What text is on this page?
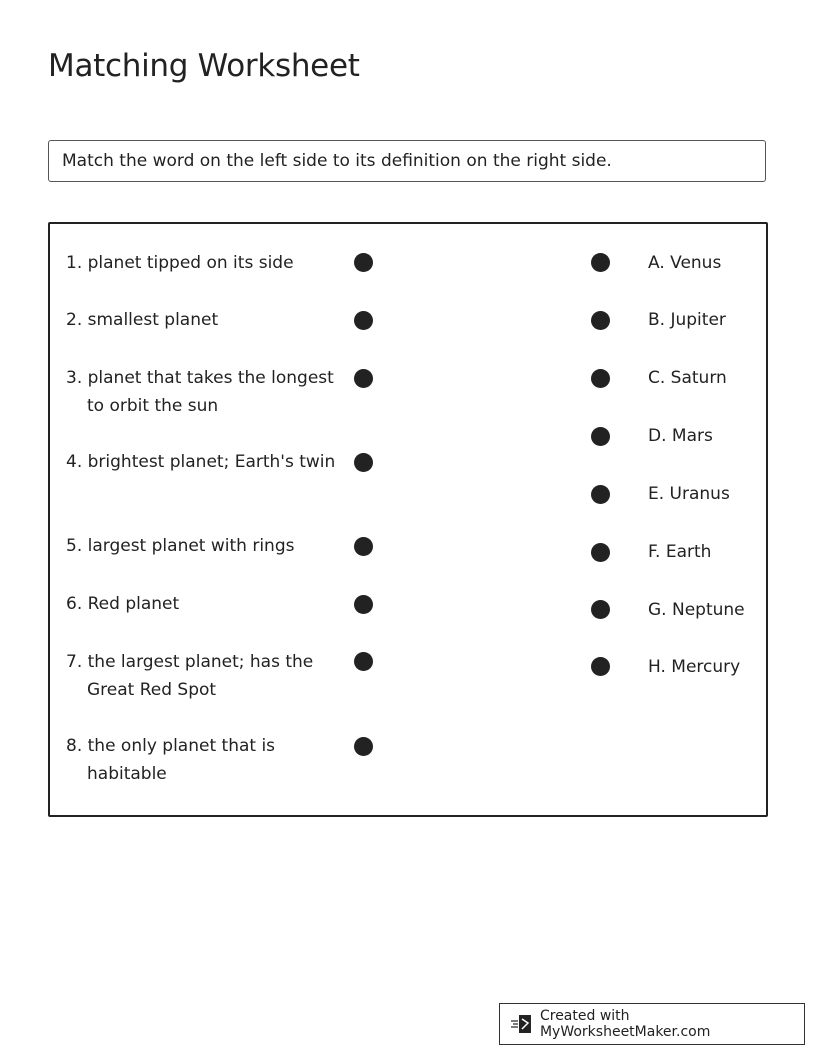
Matching Worksheet
Match the word on the left side to its definition on the right side.
1. planet tipped on its side
2. smallest planet
3. planet that takes the longest to orbit the sun
4. brightest planet; Earth's twin
5. largest planet with rings
6. Red planet
7. the largest planet; has the Great Red Spot
8. the only planet that is habitable
A. Venus
B. Jupiter
C. Saturn
D. Mars
E. Uranus
F. Earth
G. Neptune
H. Mercury
Created with MyWorksheetMaker.com
